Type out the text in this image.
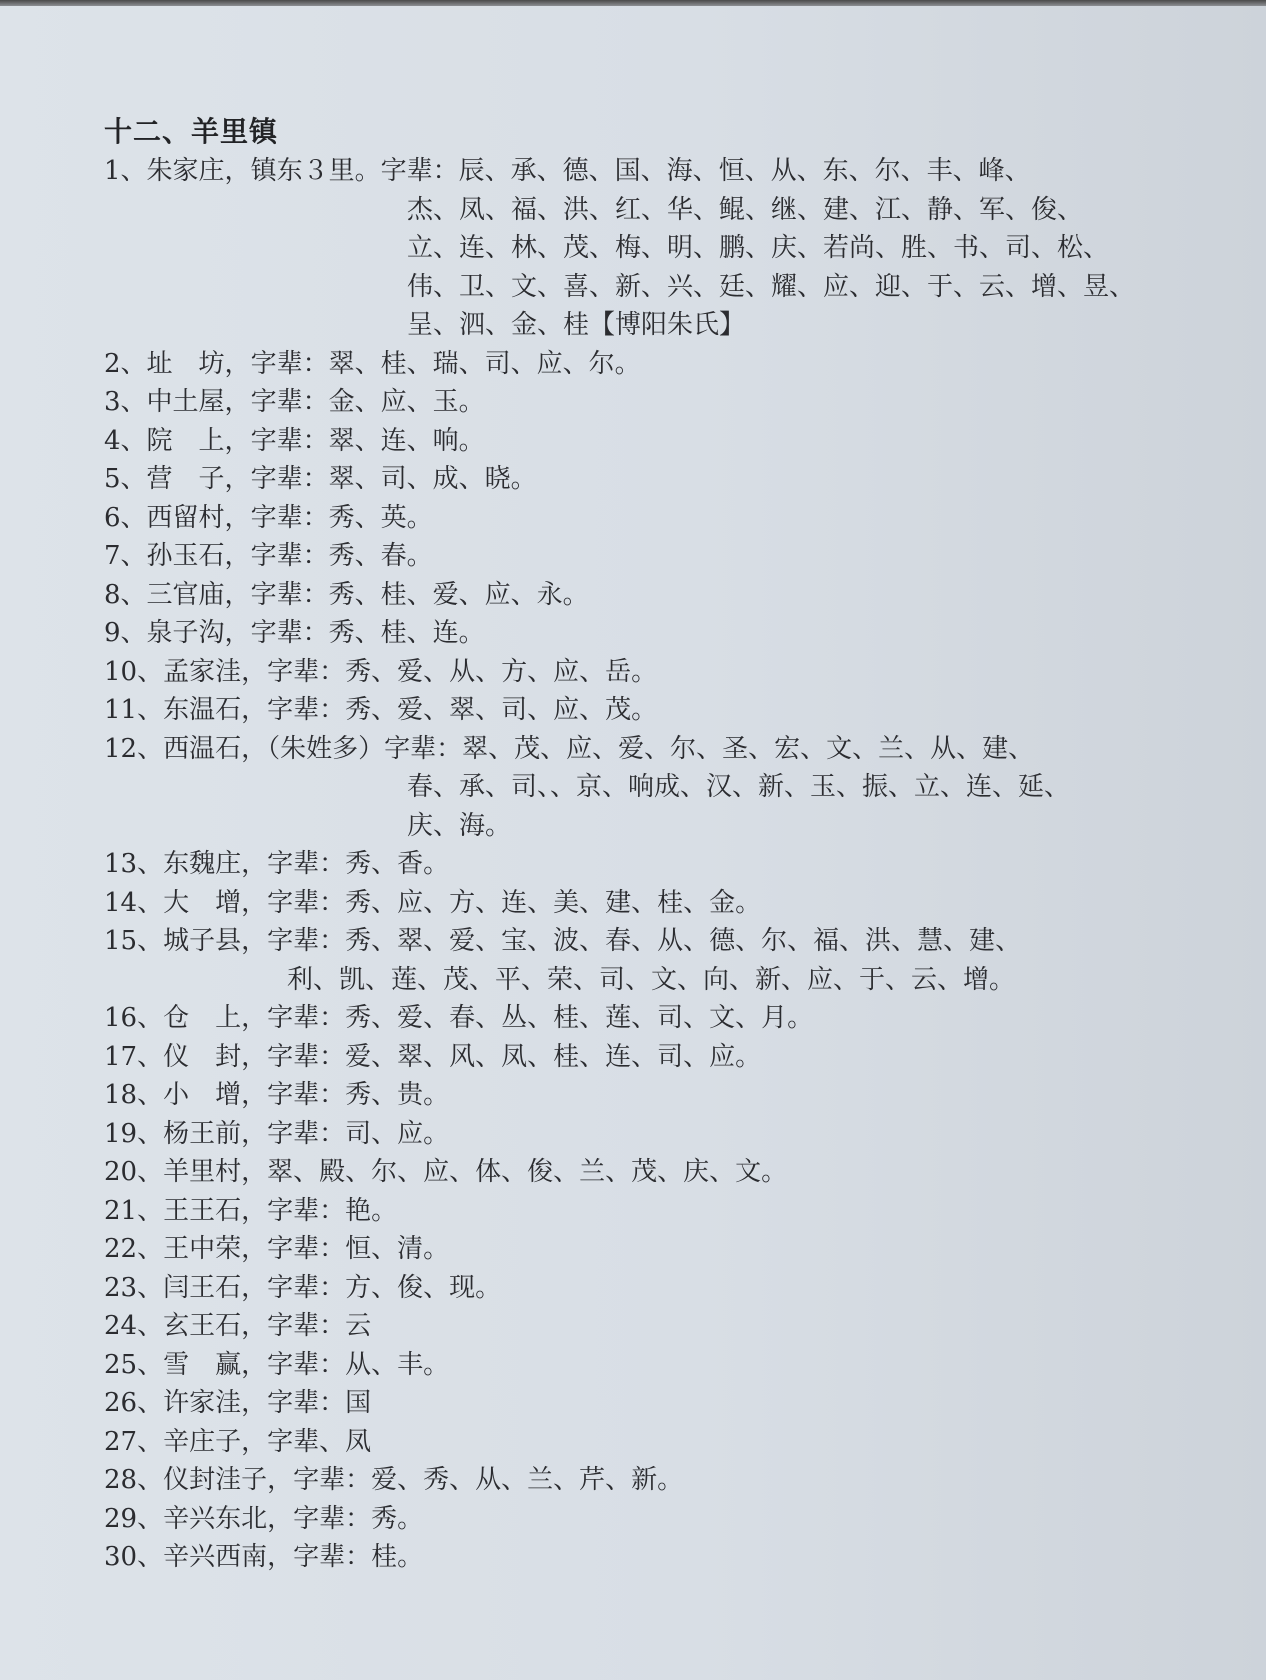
十二、羊里镇
1、朱家庄，镇东３里。字辈：辰、承、德、国、海、恒、从、东、尔、丰、峰、
杰、凤、福、洪、红、华、鲲、继、建、江、静、军、俊、
立、连、林、茂、梅、明、鹏、庆、若尚、胜、书、司、松、
伟、卫、文、喜、新、兴、廷、耀、应、迎、于、云、增、昱、
呈、泗、金、桂【博阳朱氏】
2、址　坊，字辈：翠、桂、瑞、司、应、尔。
3、中土屋，字辈：金、应、玉。
4、院　上，字辈：翠、连、响。
5、营　子，字辈：翠、司、成、晓。
6、西留村，字辈：秀、英。
7、孙玉石，字辈：秀、春。
8、三官庙，字辈：秀、桂、爱、应、永。
9、泉子沟，字辈：秀、桂、连。
10、孟家洼，字辈：秀、爱、从、方、应、岳。
11、东温石，字辈：秀、爱、翠、司、应、茂。
12、西温石，（朱姓多）字辈：翠、茂、应、爱、尔、圣、宏、文、兰、从、建、
春、承、司、、京、响成、汉、新、玉、振、立、连、延、
庆、海。
13、东魏庄，字辈：秀、香。
14、大　增，字辈：秀、应、方、连、美、建、桂、金。
15、城子县，字辈：秀、翠、爱、宝、波、春、从、德、尔、福、洪、慧、建、
利、凯、莲、茂、平、荣、司、文、向、新、应、于、云、增。
16、仓　上，字辈：秀、爱、春、丛、桂、莲、司、文、月。
17、仪　封，字辈：爱、翠、风、凤、桂、连、司、应。
18、小　增，字辈：秀、贵。
19、杨王前，字辈：司、应。
20、羊里村，翠、殿、尔、应、体、俊、兰、茂、庆、文。
21、王王石，字辈：艳。
22、王中荣，字辈：恒、清。
23、闫王石，字辈：方、俊、现。
24、玄王石，字辈：云
25、雪　赢，字辈：从、丰。
26、许家洼，字辈：国
27、辛庄子，字辈、凤
28、仪封洼子，字辈：爱、秀、从、兰、芹、新。
29、辛兴东北，字辈：秀。
30、辛兴西南，字辈：桂。
